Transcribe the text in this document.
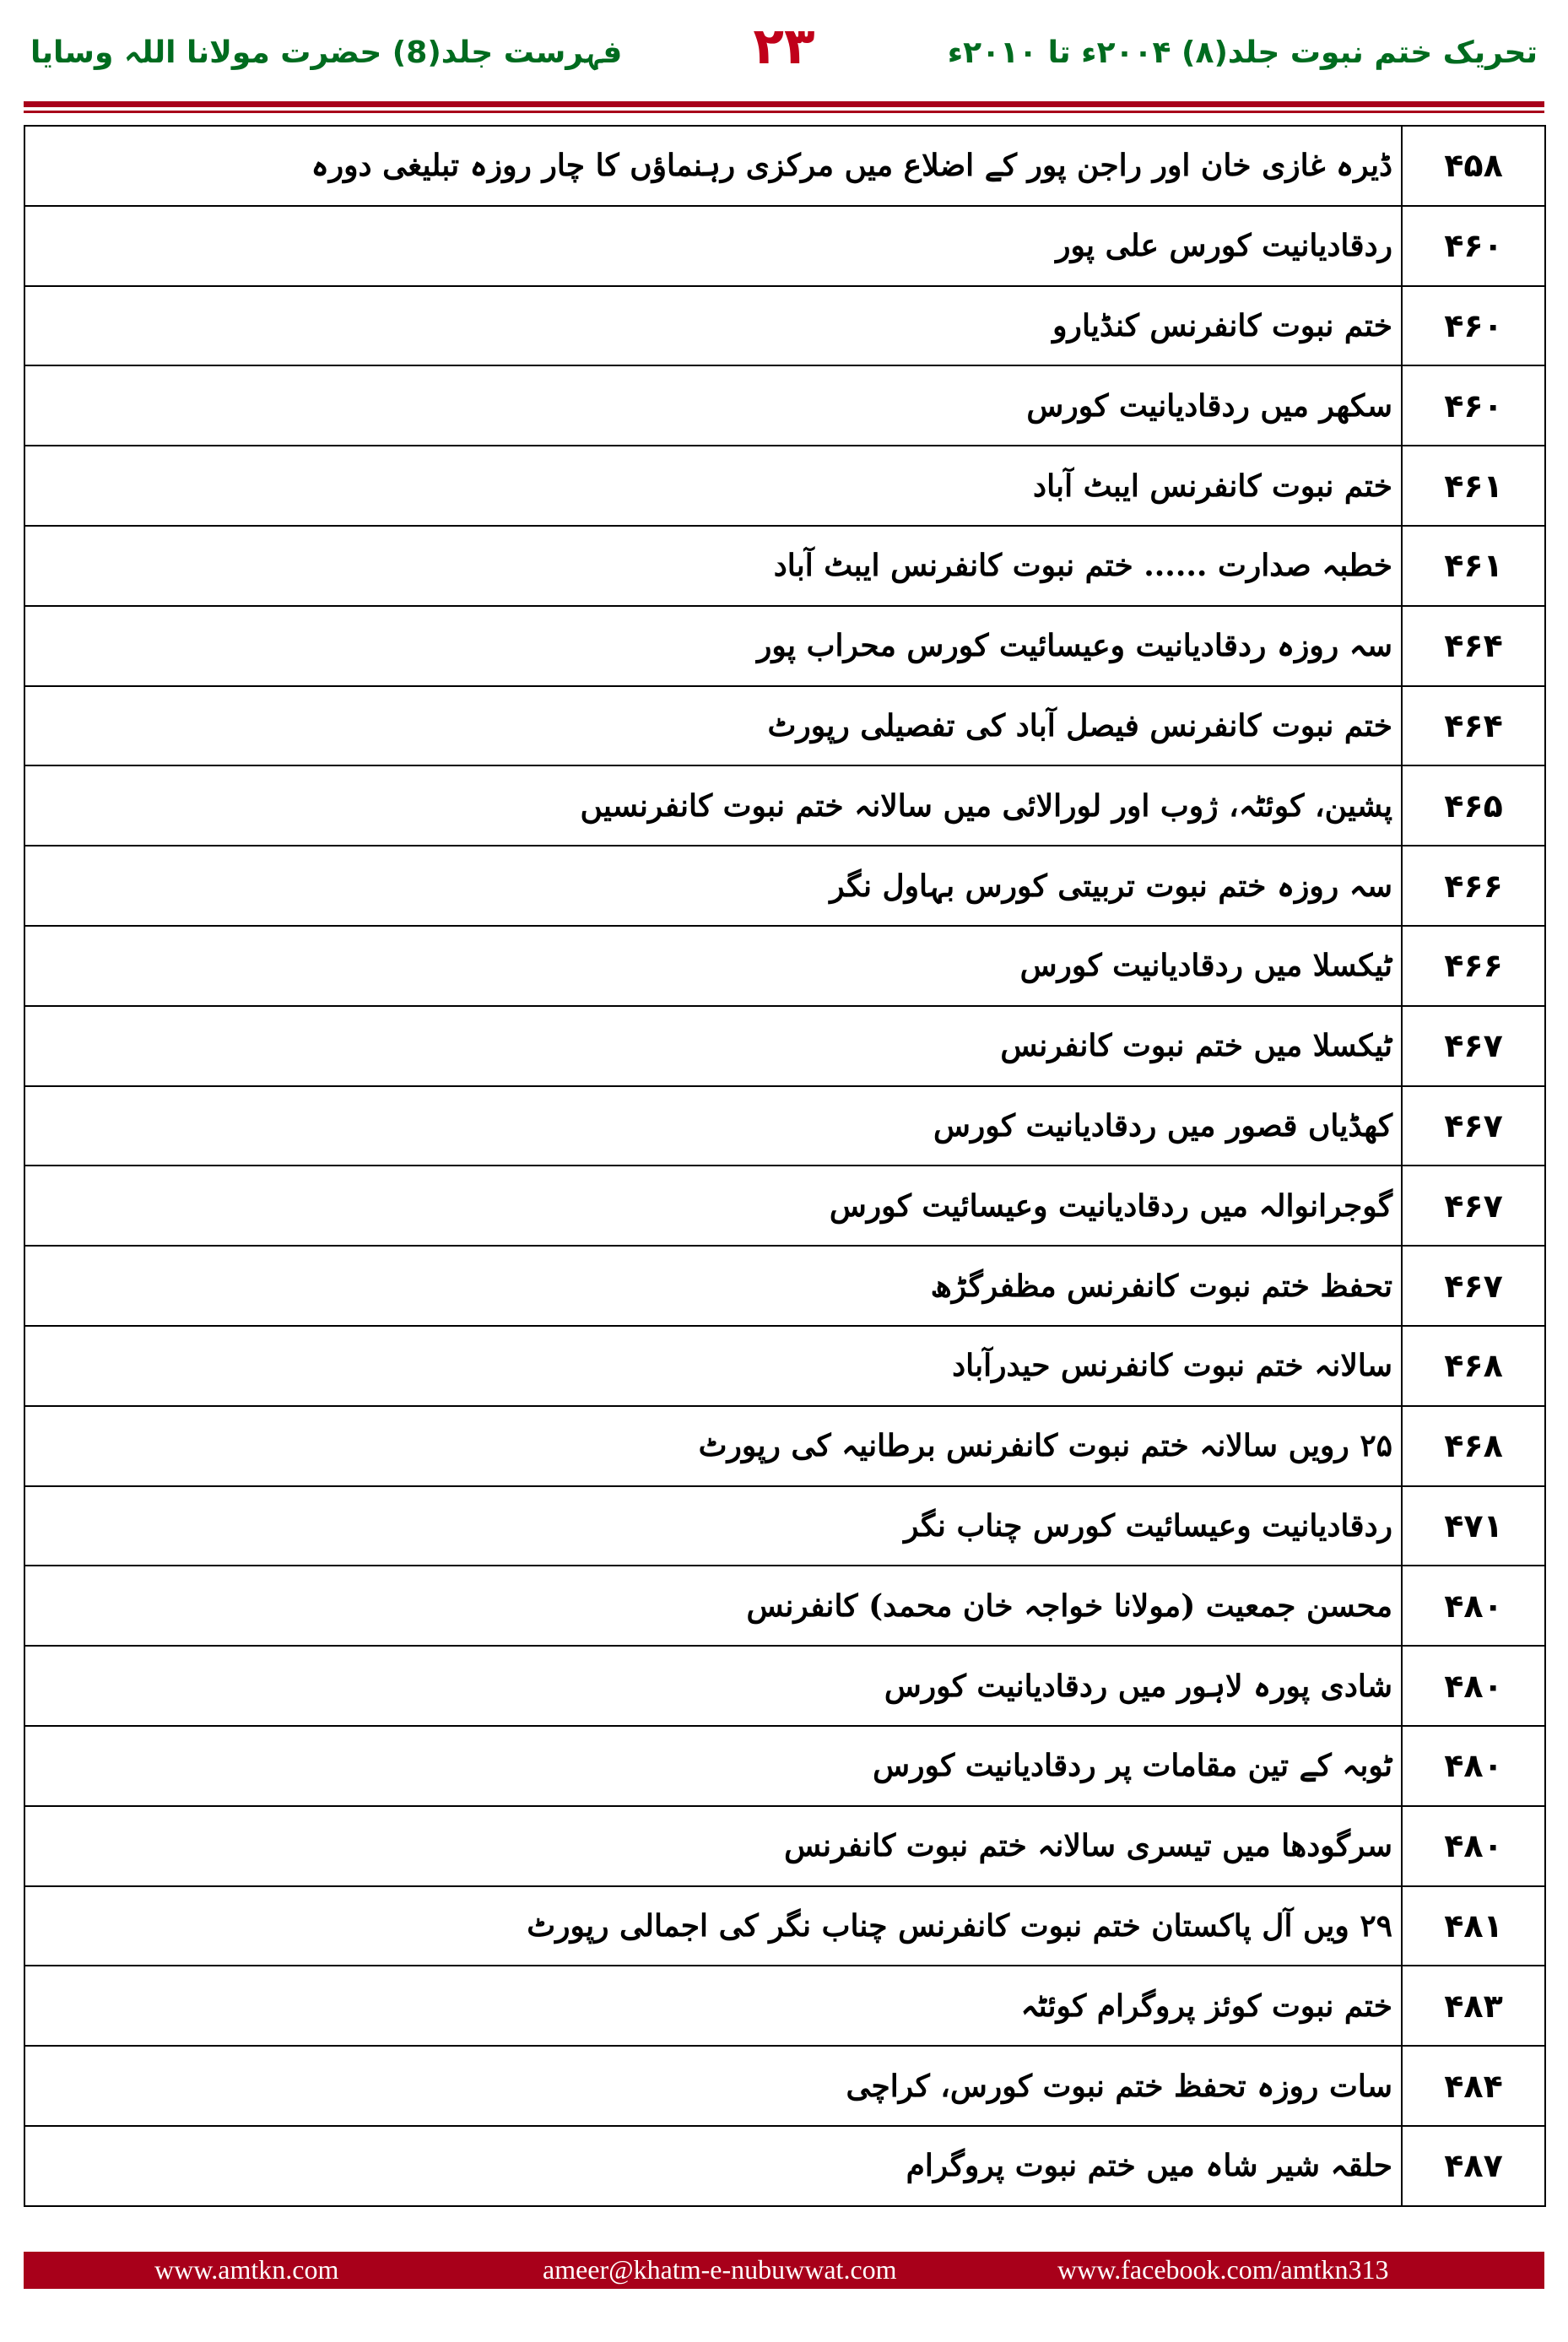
فہرست جلد(8) حضرت مولانا اللہ وسایا	۲۳	تحریک ختم نبوت جلد(۸) ۲۰۰۴ء تا ۲۰۱۰ء
ڈیرہ غازی خان اور راجن پور کے اضلاع میں مرکزی رہنماؤں کا چار روزہ تبلیغی دورہ	۴۵۸
ردقادیانیت کورس علی پور	۴۶۰
ختم نبوت کانفرنس کنڈیارو	۴۶۰
سکھر میں ردقادیانیت کورس	۴۶۰
ختم نبوت کانفرنس ایبٹ آباد	۴۶۱
خطبہ صدارت ...... ختم نبوت کانفرنس ایبٹ آباد	۴۶۱
سہ روزہ ردقادیانیت وعیسائیت کورس محراب پور	۴۶۴
ختم نبوت کانفرنس فیصل آباد کی تفصیلی رپورٹ	۴۶۴
پشین، کوئٹہ، ژوب اور لورالائی میں سالانہ ختم نبوت کانفرنسیں	۴۶۵
سہ روزہ ختم نبوت تربیتی کورس بہاول نگر	۴۶۶
ٹیکسلا میں ردقادیانیت کورس	۴۶۶
ٹیکسلا میں ختم نبوت کانفرنس	۴۶۷
کھڈیاں قصور میں ردقادیانیت کورس	۴۶۷
گوجرانوالہ میں ردقادیانیت وعیسائیت کورس	۴۶۷
تحفظ ختم نبوت کانفرنس مظفرگڑھ	۴۶۷
سالانہ ختم نبوت کانفرنس حیدرآباد	۴۶۸
۲۵ رویں سالانہ ختم نبوت کانفرنس برطانیہ کی رپورٹ	۴۶۸
ردقادیانیت وعیسائیت کورس چناب نگر	۴۷۱
محسن جمعیت (مولانا خواجہ خان محمد) کانفرنس	۴۸۰
شادی پورہ لاہور میں ردقادیانیت کورس	۴۸۰
ٹوبہ کے تین مقامات پر ردقادیانیت کورس	۴۸۰
سرگودھا میں تیسری سالانہ ختم نبوت کانفرنس	۴۸۰
۲۹ ویں آل پاکستان ختم نبوت کانفرنس چناب نگر کی اجمالی رپورٹ	۴۸۱
ختم نبوت کوئز پروگرام کوئٹہ	۴۸۳
سات روزہ تحفظ ختم نبوت کورس، کراچی	۴۸۴
حلقہ شیر شاہ میں ختم نبوت پروگرام	۴۸۷
www.amtkn.com	ameer@khatm-e-nubuwwat.com	www.facebook.com/amtkn313
